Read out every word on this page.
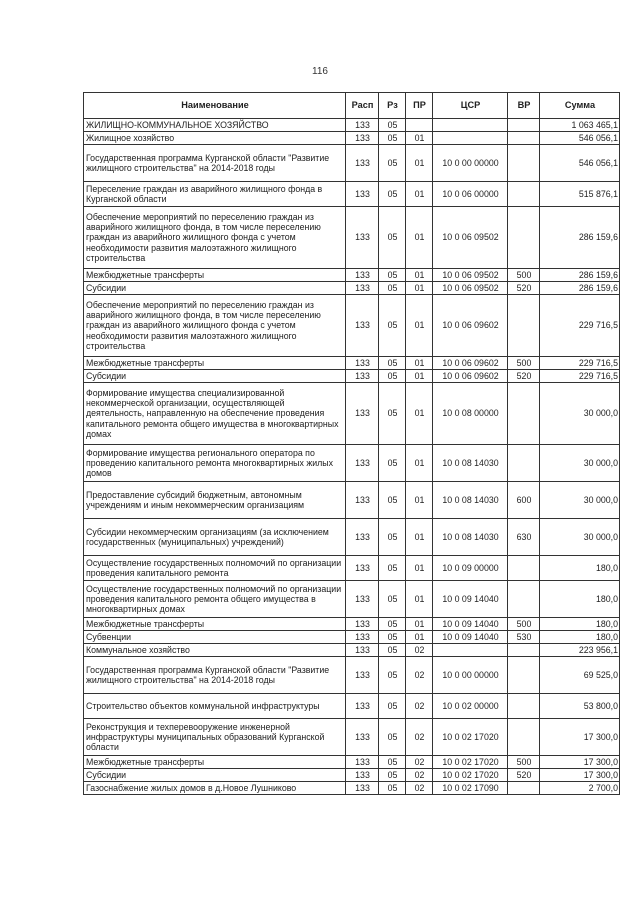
116
Наименование	Расп	Рз	ПР	ЦСР	ВР	Сумма
ЖИЛИЩНО-КОММУНАЛЬНОЕ ХОЗЯЙСТВО	133	05				1 063 465,1
Жилищное хозяйство	133	05	01			546 056,1
Государственная программа Курганской области "Развитие жилищного строительства" на 2014-2018 годы	133	05	01	10 0 00 00000		546 056,1
Переселение граждан из аварийного жилищного фонда в Курганской области	133	05	01	10 0 06 00000		515 876,1
Обеспечение мероприятий по переселению граждан из аварийного жилищного фонда, в том числе переселению граждан из аварийного жилищного фонда с учетом необходимости развития малоэтажного жилищного строительства	133	05	01	10 0 06 09502		286 159,6
Межбюджетные трансферты	133	05	01	10 0 06 09502	500	286 159,6
Субсидии	133	05	01	10 0 06 09502	520	286 159,6
Обеспечение мероприятий по переселению граждан из аварийного жилищного фонда, в том числе переселению граждан из аварийного жилищного фонда с учетом необходимости развития малоэтажного жилищного строительства	133	05	01	10 0 06 09602		229 716,5
Межбюджетные трансферты	133	05	01	10 0 06 09602	500	229 716,5
Субсидии	133	05	01	10 0 06 09602	520	229 716,5
Формирование имущества специализированной некоммерческой организации, осуществляющей деятельность, направленную на обеспечение проведения капитального ремонта общего имущества в многоквартирных домах	133	05	01	10 0 08 00000		30 000,0
Формирование имущества регионального оператора по проведению капитального ремонта многоквартирных жилых домов	133	05	01	10 0 08 14030		30 000,0
Предоставление субсидий бюджетным, автономным учреждениям и иным некоммерческим организациям	133	05	01	10 0 08 14030	600	30 000,0
Субсидии некоммерческим организациям (за исключением государственных (муниципальных) учреждений)	133	05	01	10 0 08 14030	630	30 000,0
Осуществление государственных полномочий по организации проведения капитального ремонта	133	05	01	10 0 09 00000		180,0
Осуществление государственных полномочий по организации проведения капитального ремонта общего имущества в многоквартирных домах	133	05	01	10 0 09 14040		180,0
Межбюджетные трансферты	133	05	01	10 0 09 14040	500	180,0
Субвенции	133	05	01	10 0 09 14040	530	180,0
Коммунальное хозяйство	133	05	02			223 956,1
Государственная программа Курганской области "Развитие жилищного строительства" на 2014-2018 годы	133	05	02	10 0 00 00000		69 525,0
Строительство объектов коммунальной инфраструктуры	133	05	02	10 0 02 00000		53 800,0
Реконструкция и техперевооружение инженерной инфраструктуры муниципальных образований Курганской области	133	05	02	10 0 02 17020		17 300,0
Межбюджетные трансферты	133	05	02	10 0 02 17020	500	17 300,0
Субсидии	133	05	02	10 0 02 17020	520	17 300,0
Газоснабжение жилых домов в д.Новое Лушниково	133	05	02	10 0 02 17090		2 700,0
